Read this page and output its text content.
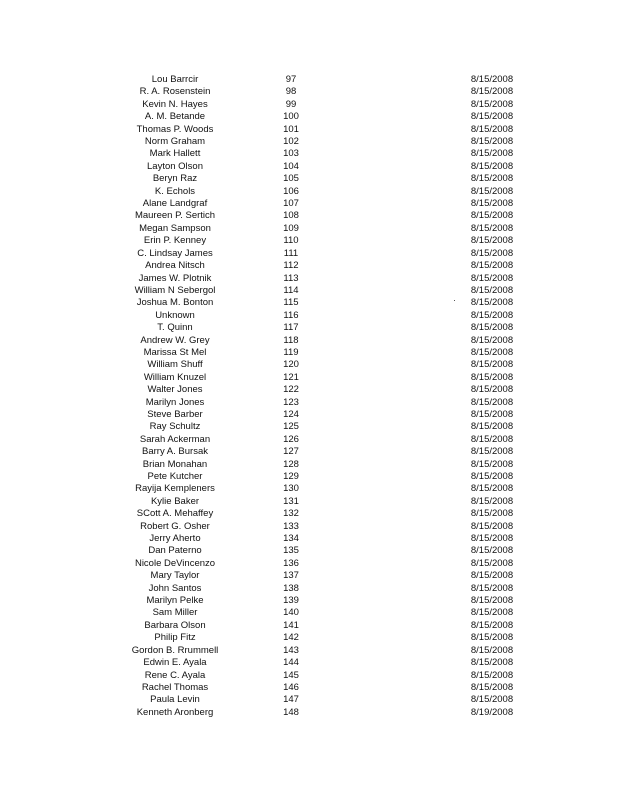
Lou Barrcir	97	8/15/2008
R. A. Rosenstein	98	8/15/2008
Kevin N. Hayes	99	8/15/2008
A. M. Betande	100	8/15/2008
Thomas P. Woods	101	8/15/2008
Norm Graham	102	8/15/2008
Mark Hallett	103	8/15/2008
Layton Olson	104	8/15/2008
Beryn Raz	105	8/15/2008
K. Echols	106	8/15/2008
Alane Landgraf	107	8/15/2008
Maureen P. Sertich	108	8/15/2008
Megan Sampson	109	8/15/2008
Erin P. Kenney	110	8/15/2008
C. Lindsay James	111	8/15/2008
Andrea Nitsch	112	8/15/2008
James W. Plotnik	113	8/15/2008
William N Sebergol	114	8/15/2008
Joshua M. Bonton	115	8/15/2008
Unknown	116	8/15/2008
T. Quinn	117	8/15/2008
Andrew W. Grey	118	8/15/2008
Marissa St Mel	119	8/15/2008
William Shuff	120	8/15/2008
William Knuzel	121	8/15/2008
Walter Jones	122	8/15/2008
Marilyn Jones	123	8/15/2008
Steve Barber	124	8/15/2008
Ray Schultz	125	8/15/2008
Sarah Ackerman	126	8/15/2008
Barry A. Bursak	127	8/15/2008
Brian Monahan	128	8/15/2008
Pete Kutcher	129	8/15/2008
Rayija Kempleners	130	8/15/2008
Kylie Baker	131	8/15/2008
SCott A. Mehaffey	132	8/15/2008
Robert G. Osher	133	8/15/2008
Jerry Aherto	134	8/15/2008
Dan Paterno	135	8/15/2008
Nicole DeVincenzo	136	8/15/2008
Mary Taylor	137	8/15/2008
John Santos	138	8/15/2008
Marilyn Pelke	139	8/15/2008
Sam Miller	140	8/15/2008
Barbara Olson	141	8/15/2008
Philip Fitz	142	8/15/2008
Gordon B. Rrummell	143	8/15/2008
Edwin E. Ayala	144	8/15/2008
Rene C. Ayala	145	8/15/2008
Rachel Thomas	146	8/15/2008
Paula Levin	147	8/15/2008
Kenneth Aronberg	148	8/19/2008
